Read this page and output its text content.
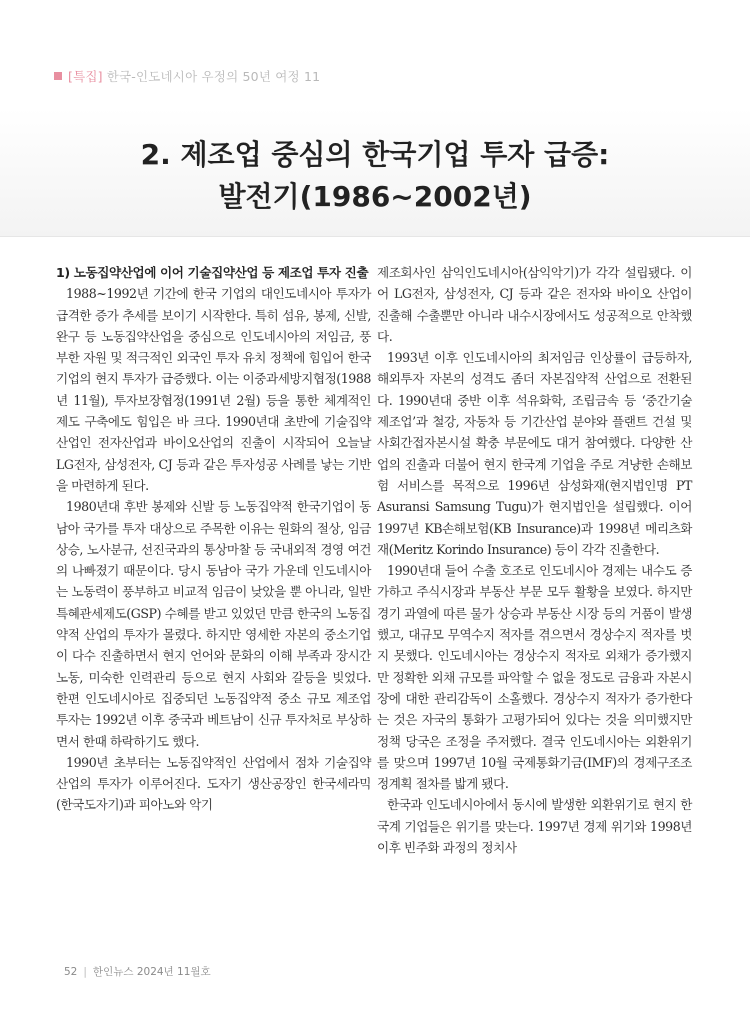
[특집] 한국-인도네시아 우정의 50년 여정 11
2. 제조업 중심의 한국기업 투자 급증:
발전기(1986~2002년)

1) 노동집약산업에 이어 기술집약산업 등 제조업 투자 진출

1988~1992년 기간에 한국 기업의 대인도네시아 투자가 급격한 증가 추세를 보이기 시작한다. 특히 섬유, 봉제, 신발, 완구 등 노동집약산업을 중심으로 인도네시아의 저임금, 풍부한 자원 및 적극적인 외국인 투자 유치 정책에 힘입어 한국기업의 현지 투자가 급증했다. 이는 이중과세방지협정(1988년 11월), 투자보장협정(1991년 2월) 등을 통한 체계적인 제도 구축에도 힘입은 바 크다. 1990년대 초반에 기술집약산업인 전자산업과 바이오산업의 진출이 시작되어 오늘날 LG전자, 삼성전자, CJ 등과 같은 투자성공 사례를 낳는 기반을 마련하게 된다.

1980년대 후반 봉제와 신발 등 노동집약적 한국기업이 동남아 국가를 투자 대상으로 주목한 이유는 원화의 절상, 임금 상승, 노사분규, 선진국과의 통상마찰 등 국내외적 경영 여건의 나빠졌기 때문이다. 당시 동남아 국가 가운데 인도네시아는 노동력이 풍부하고 비교적 임금이 낮았을 뿐 아니라, 일반특혜관세제도(GSP) 수혜를 받고 있었던 만큼 한국의 노동집약적 산업의 투자가 몰렸다. 하지만 영세한 자본의 중소기업이 다수 진출하면서 현지 언어와 문화의 이해 부족과 장시간 노동, 미숙한 인력관리 등으로 현지 사회와 갈등을 빚었다. 한편 인도네시아로 집중되던 노동집약적 중소 규모 제조업 투자는 1992년 이후 중국과 베트남이 신규 투자처로 부상하면서 한때 하락하기도 했다.

1990년 초부터는 노동집약적인 산업에서 점차 기술집약산업의 투자가 이루어진다. 도자기 생산공장인 한국세라믹(한국도자기)과 피아노와 악기

제조회사인 삼익인도네시아(삼익악기)가 각각 설립됐다. 이어 LG전자, 삼성전자, CJ 등과 같은 전자와 바이오 산업이 진출해 수출뿐만 아니라 내수시장에서도 성공적으로 안착했다.

1993년 이후 인도네시아의 최저임금 인상률이 급등하자, 해외투자 자본의 성격도 좀더 자본집약적 산업으로 전환된다. 1990년대 중반 이후 석유화학, 조립금속 등 ‘중간기술 제조업’과 철강, 자동차 등 기간산업 분야와 플랜트 건설 및 사회간접자본시설 확충 부문에도 대거 참여했다. 다양한 산업의 진출과 더불어 현지 한국계 기업을 주로 겨냥한 손해보험 서비스를 목적으로 1996년 삼성화재(현지법인명 PT Asuransi Samsung Tugu)가 현지법인을 설립했다. 이어 1997년 KB손해보험(KB Insurance)과 1998년 메리츠화재(Meritz Korindo Insurance) 등이 각각 진출한다.

1990년대 들어 수출 호조로 인도네시아 경제는 내수도 증가하고 주식시장과 부동산 부문 모두 활황을 보였다. 하지만 경기 과열에 따른 물가 상승과 부동산 시장 등의 거품이 발생했고, 대규모 무역수지 적자를 겪으면서 경상수지 적자를 벗지 못했다. 인도네시아는 경상수지 적자로 외채가 증가했지만 정확한 외채 규모를 파악할 수 없을 정도로 금융과 자본시장에 대한 관리감독이 소홀했다. 경상수지 적자가 증가한다는 것은 자국의 통화가 고평가되어 있다는 것을 의미했지만 정책 당국은 조정을 주저했다. 결국 인도네시아는 외환위기를 맞으며 1997년 10월 국제통화기금(IMF)의 경제구조조정계획 절차를 밟게 됐다.

한국과 인도네시아에서 동시에 발생한 외환위기로 현지 한국계 기업들은 위기를 맞는다. 1997년 경제 위기와 1998년 이후 빈주화 과정의 정치사

52 | 한인뉴스 2024년 11월호
